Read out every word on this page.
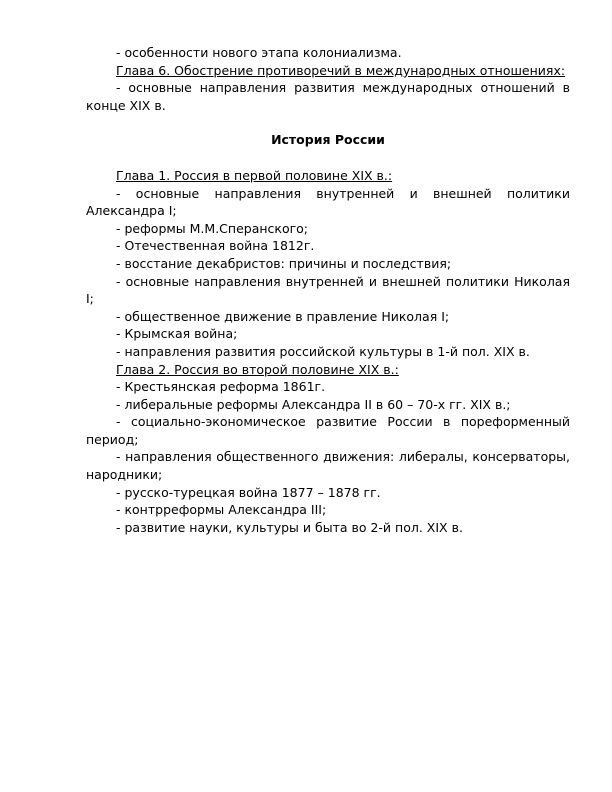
- особенности нового этапа колониализма.

Глава 6. Обострение противоречий в международных отношениях:

- основные направления развития международных отношений в конце XIX в.

История России

Глава 1. Россия в первой половине XIX в.:

- основные направления внутренней и внешней политики Александра I;

- реформы М.М.Сперанского;

- Отечественная война 1812г.

- восстание декабристов: причины и последствия;

- основные направления внутренней и внешней политики Николая I;

- общественное движение в правление Николая I;

- Крымская война;

- направления развития российской культуры в 1-й пол. XIX в.

Глава 2. Россия во второй половине XIX в.:

- Крестьянская реформа 1861г.

- либеральные реформы Александра II в 60 – 70-х гг. XIX в.;

- социально-экономическое развитие России в пореформенный период;

- направления общественного движения: либералы, консерваторы, народники;

- русско-турецкая война 1877 – 1878 гг.

- контрреформы Александра III;

- развитие науки, культуры и быта во 2-й пол. XIX в.
